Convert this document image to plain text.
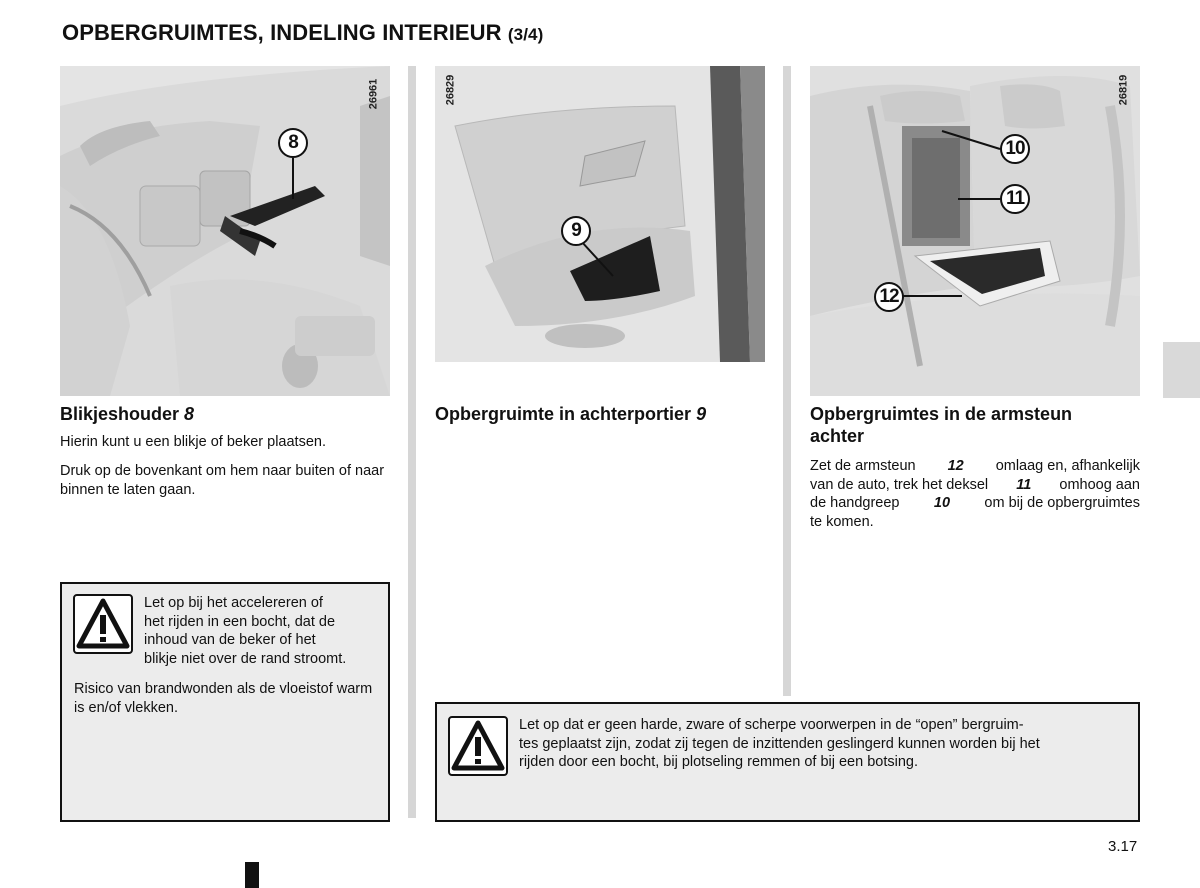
OPBERGRUIMTES, INDELING INTERIEUR (3/4)
26961
8
26829
9
26819
10
11
12
Blikjeshouder 8
Hierin kunt u een blikje of beker plaatsen.
Druk op de bovenkant om hem naar buiten of naar binnen te laten gaan.
Let op bij het accelereren of
het rijden in een bocht, dat de
inhoud van de beker of het
blikje niet over de rand stroomt.
Risico van brandwonden als de vloeistof warm is en/of vlekken.
Opbergruimte in achterportier 9	Opbergruimtes in de armsteun
achter
Zet de armsteun 12 omlaag en, afhankelijk
van de auto, trek het deksel 11 omhoog aan
de handgreep 10 om bij de opbergruimtes
te komen.
Let op dat er geen harde, zware of scherpe voorwerpen in de “open” bergruim-
tes geplaatst zijn, zodat zij tegen de inzittenden geslingerd kunnen worden bij het
rijden door een bocht, bij plotseling remmen of bij een botsing.
3.17
